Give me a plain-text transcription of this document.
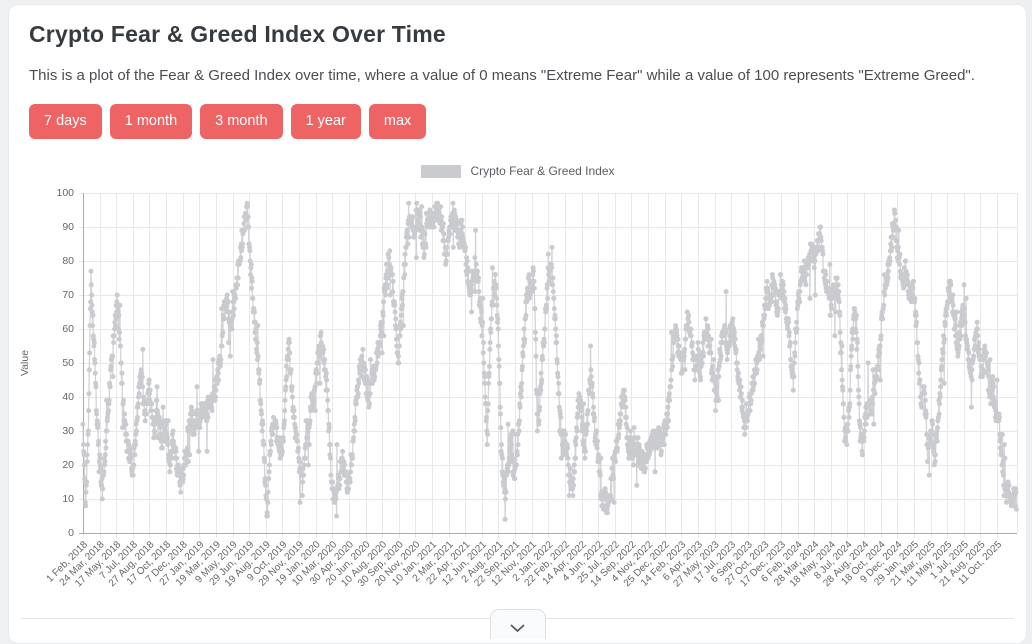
Crypto Fear & Greed Index Over Time

This is a plot of the Fear & Greed Index over time, where a value of 0 means "Extreme Fear" while a value of 100 represents "Extreme Greed".

7 days	1 month	3 month	1 year	max
